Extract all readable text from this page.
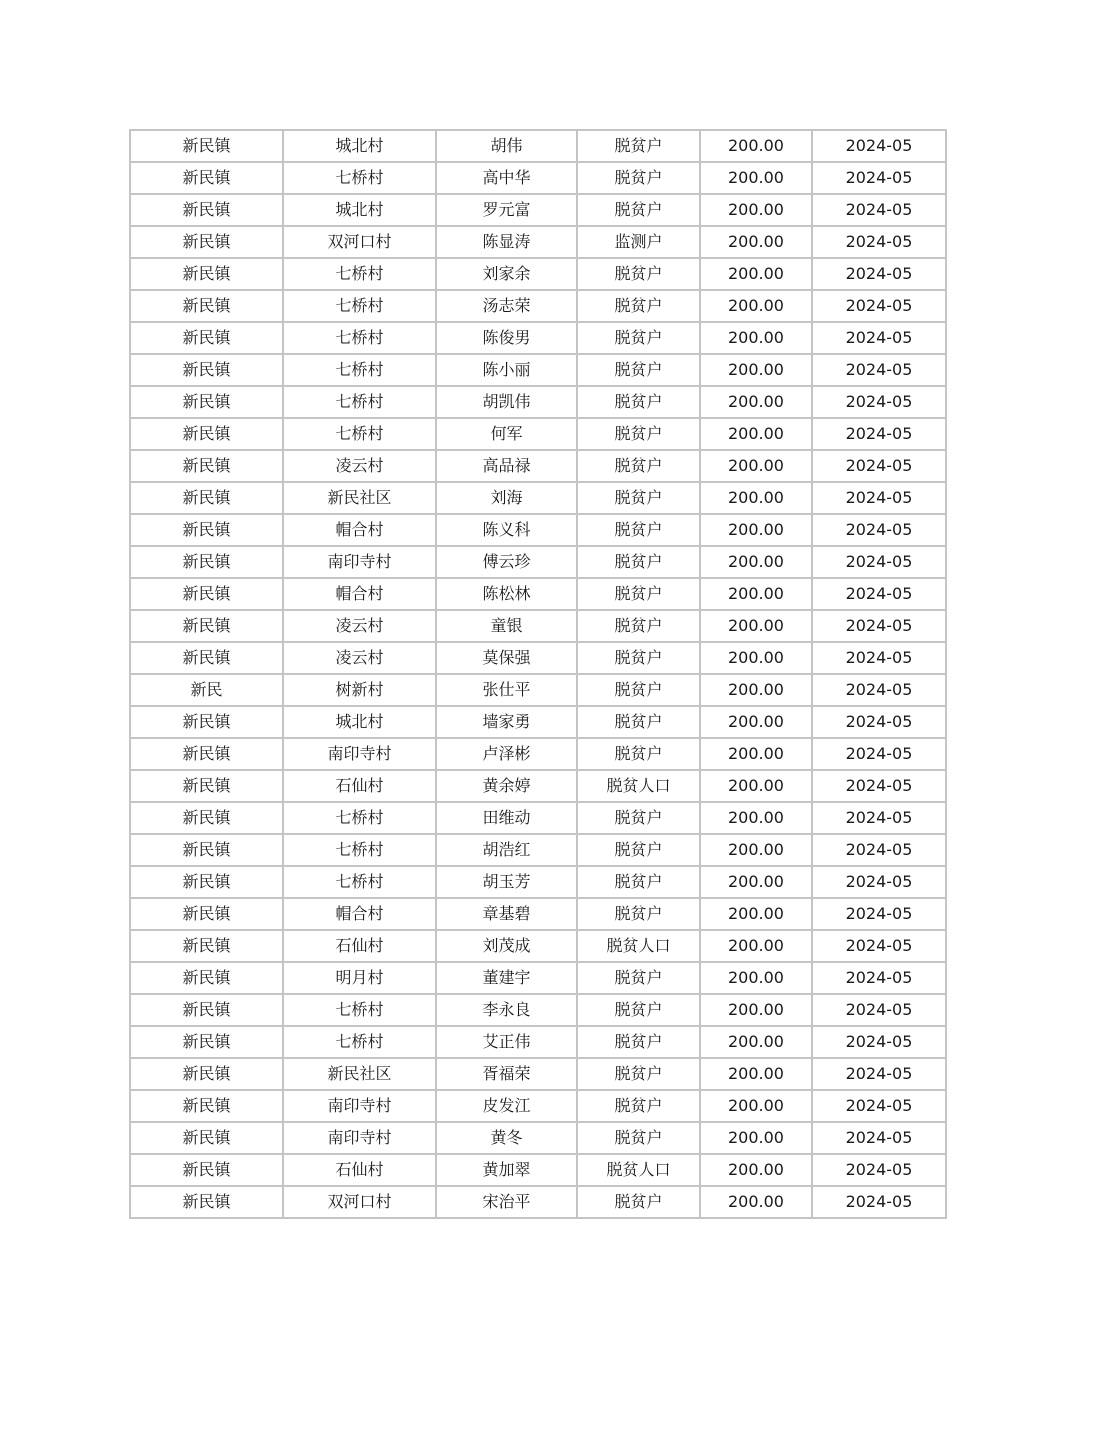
新民镇	城北村	胡伟	脱贫户	200.00	2024-05
新民镇	七桥村	高中华	脱贫户	200.00	2024-05
新民镇	城北村	罗元富	脱贫户	200.00	2024-05
新民镇	双河口村	陈显涛	监测户	200.00	2024-05
新民镇	七桥村	刘家余	脱贫户	200.00	2024-05
新民镇	七桥村	汤志荣	脱贫户	200.00	2024-05
新民镇	七桥村	陈俊男	脱贫户	200.00	2024-05
新民镇	七桥村	陈小丽	脱贫户	200.00	2024-05
新民镇	七桥村	胡凯伟	脱贫户	200.00	2024-05
新民镇	七桥村	何军	脱贫户	200.00	2024-05
新民镇	凌云村	高品禄	脱贫户	200.00	2024-05
新民镇	新民社区	刘海	脱贫户	200.00	2024-05
新民镇	帽合村	陈义科	脱贫户	200.00	2024-05
新民镇	南印寺村	傅云珍	脱贫户	200.00	2024-05
新民镇	帽合村	陈松林	脱贫户	200.00	2024-05
新民镇	凌云村	童银	脱贫户	200.00	2024-05
新民镇	凌云村	莫保强	脱贫户	200.00	2024-05
新民	树新村	张仕平	脱贫户	200.00	2024-05
新民镇	城北村	墙家勇	脱贫户	200.00	2024-05
新民镇	南印寺村	卢泽彬	脱贫户	200.00	2024-05
新民镇	石仙村	黄余婷	脱贫人口	200.00	2024-05
新民镇	七桥村	田维动	脱贫户	200.00	2024-05
新民镇	七桥村	胡浩红	脱贫户	200.00	2024-05
新民镇	七桥村	胡玉芳	脱贫户	200.00	2024-05
新民镇	帽合村	章基碧	脱贫户	200.00	2024-05
新民镇	石仙村	刘茂成	脱贫人口	200.00	2024-05
新民镇	明月村	董建宇	脱贫户	200.00	2024-05
新民镇	七桥村	李永良	脱贫户	200.00	2024-05
新民镇	七桥村	艾正伟	脱贫户	200.00	2024-05
新民镇	新民社区	胥福荣	脱贫户	200.00	2024-05
新民镇	南印寺村	皮发江	脱贫户	200.00	2024-05
新民镇	南印寺村	黄冬	脱贫户	200.00	2024-05
新民镇	石仙村	黄加翠	脱贫人口	200.00	2024-05
新民镇	双河口村	宋治平	脱贫户	200.00	2024-05
